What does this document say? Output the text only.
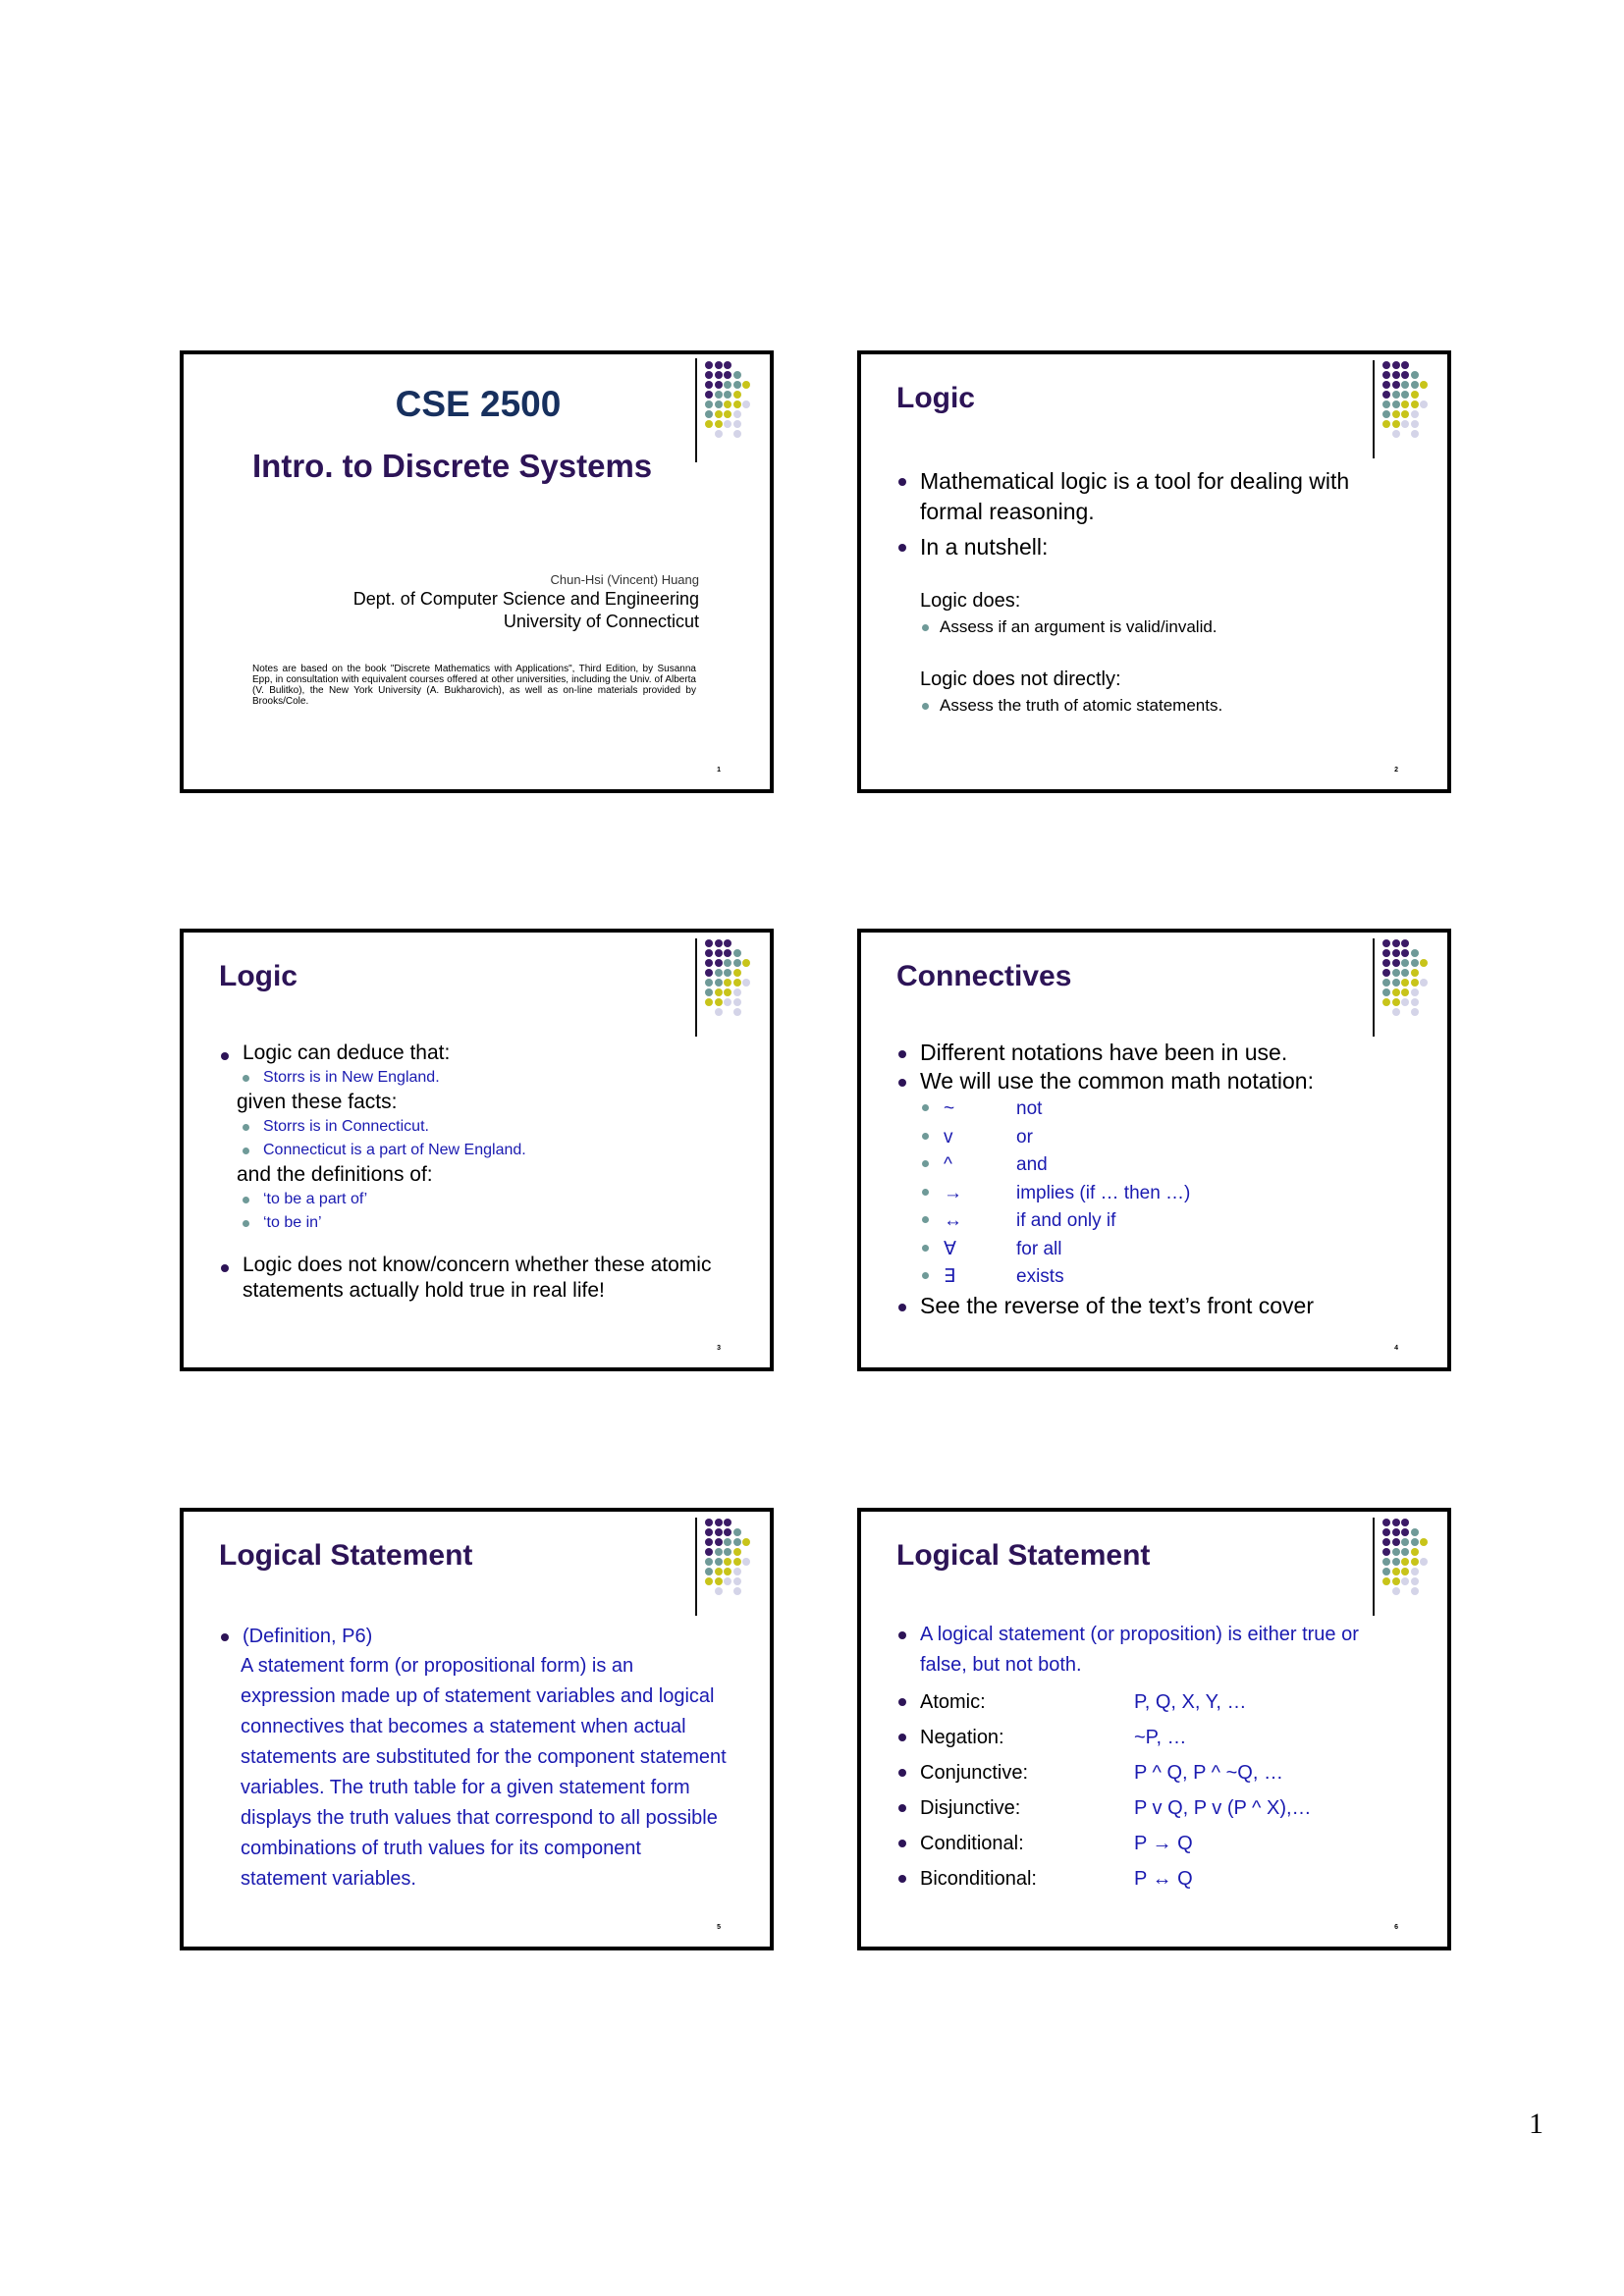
CSE 2500
Intro. to Discrete Systems
Chun-Hsi (Vincent) Huang
Dept. of Computer Science and Engineering
University of Connecticut
Notes are based on the book "Discrete Mathematics with Applications", Third Edition, by Susanna Epp, in consultation with equivalent courses offered at other universities, including the Univ. of Alberta (V. Bulitko), the New York University (A. Bukharovich), as well as on-line materials provided by Brooks/Cole.
1
Logic
Mathematical logic is a tool for dealing with formal reasoning.
In a nutshell:
Logic does:
Assess if an argument is valid/invalid.
Logic does not directly:
Assess the truth of atomic statements.
2
Logic
Logic can deduce that:
Storrs is in New England.
given these facts:
Storrs is in Connecticut.
Connecticut is a part of New England.
and the definitions of:
‘to be a part of’
‘to be in’
Logic does not know/concern whether these atomic statements actually hold true in real life!
3
Connectives
Different notations have been in use.
We will use the common math notation:
~	not
v	or
^	and
→	implies (if … then …)
↔	if and only if
∀	for all
∃	exists
See the reverse of the text’s front cover
4
Logical Statement
(Definition, P6)
A statement form (or propositional form) is an expression made up of statement variables and logical connectives that becomes a statement when actual statements are substituted for the component statement variables. The truth table for a given statement form displays the truth values that correspond to all possible combinations of truth values for its component statement variables.
5
Logical Statement
A logical statement (or proposition) is either true or false, but not both.
Atomic:	P, Q, X, Y, …
Negation:	~P, …
Conjunctive:	P ^ Q, P ^ ~Q, …
Disjunctive:	P v Q, P v (P ^ X),…
Conditional:	P → Q
Biconditional:	P ↔ Q
6
1
